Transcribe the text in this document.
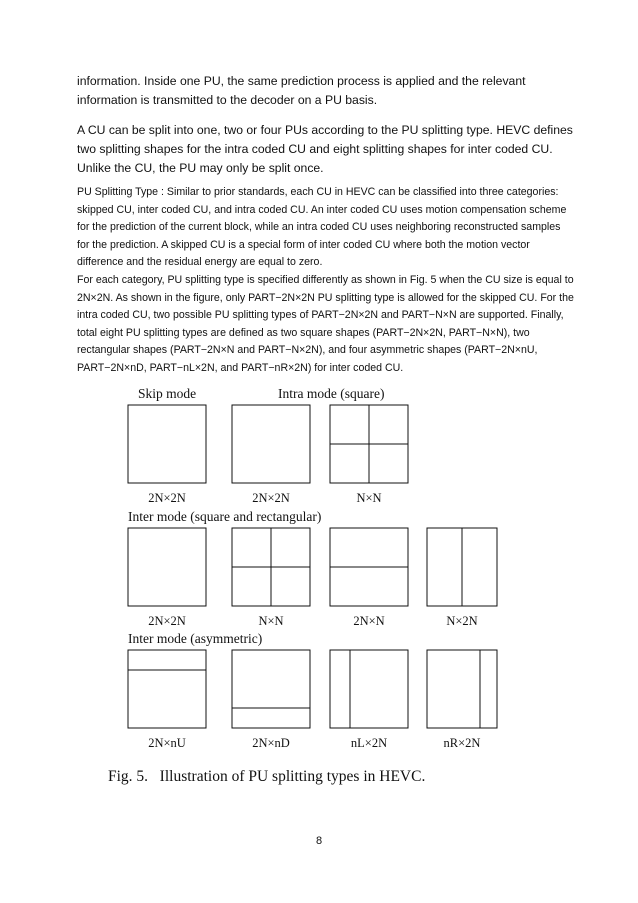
information. Inside one PU, the same prediction process is applied and the relevant information is transmitted to the decoder on a PU basis.

A CU can be split into one, two or four PUs according to the PU splitting type. HEVC defines two splitting shapes for the intra coded CU and eight splitting shapes for inter coded CU. Unlike the CU, the PU may only be split once.

PU Splitting Type : Similar to prior standards, each CU in HEVC can be classified into three categories: skipped CU, inter coded CU, and intra coded CU. An inter coded CU uses motion compensation scheme for the prediction of the current block, while an intra coded CU uses neighboring reconstructed samples for the prediction. A skipped CU is a special form of inter coded CU where both the motion vector difference and the residual energy are equal to zero.

For each category, PU splitting type is specified differently as shown in Fig. 5 when the CU size is equal to 2N×2N. As shown in the figure, only PART−2N×2N PU splitting type is allowed for the skipped CU. For the intra coded CU, two possible PU splitting types of PART−2N×2N and PART−N×N are supported. Finally, total eight PU splitting types are defined as two square shapes (PART−2N×2N, PART−N×N), two rectangular shapes (PART−2N×N and PART−N×2N), and four asymmetric shapes (PART−2N×nU, PART−2N×nD, PART−nL×2N, and PART−nR×2N) for inter coded CU.

Skip mode	Intra mode (square)
Inter mode (square and rectangular)
Inter mode (asymmetric)
2N×2N	2N×2N	N×N
2N×2N	N×N	2N×N
2N×nU	2N×nD	nL×2N
N×2N
nR×2N
Fig. 5.   Illustration of PU splitting types in HEVC.
8
